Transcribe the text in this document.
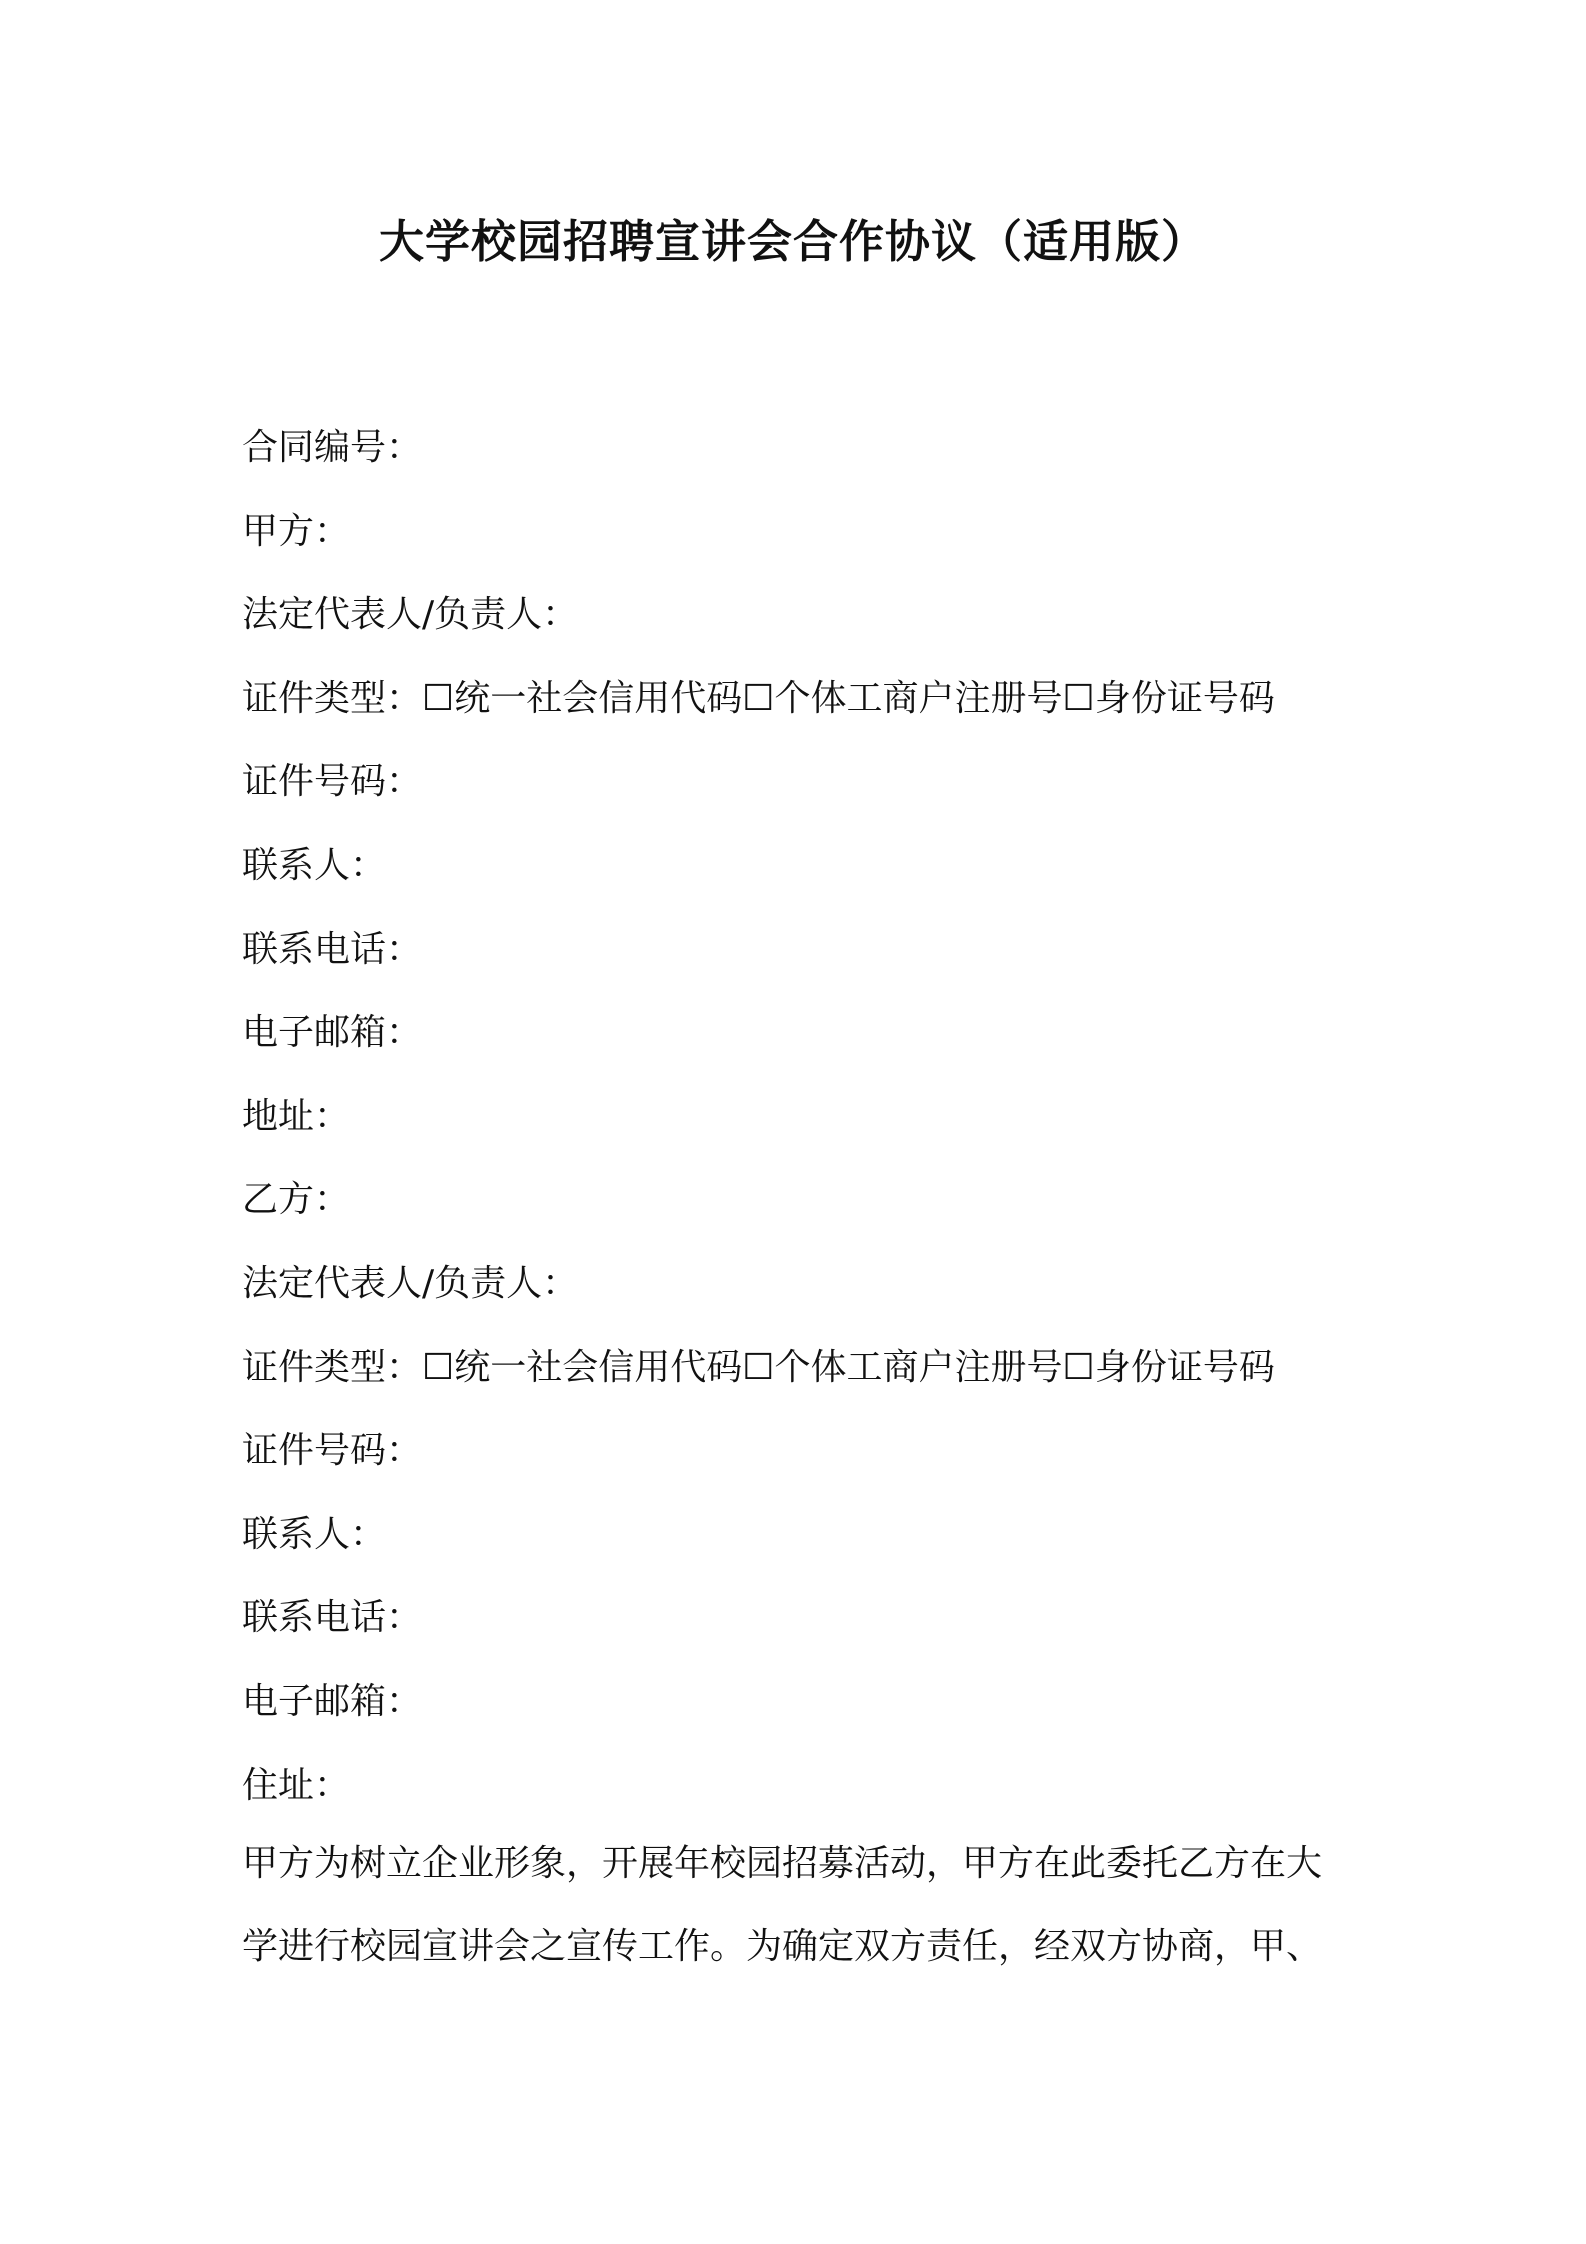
大学校园招聘宣讲会合作协议（适用版）
合同编号：
甲方：
法定代表人/负责人：
证件类型：☐统一社会信用代码☐个体工商户注册号☐身份证号码
证件号码：
联系人：
联系电话：
电子邮箱：
地址：
乙方：
法定代表人/负责人：
证件类型：☐统一社会信用代码☐个体工商户注册号☐身份证号码
证件号码：
联系人：
联系电话：
电子邮箱：
住址：
甲方为树立企业形象，开展年校园招募活动，甲方在此委托乙方在大
学进行校园宣讲会之宣传工作。为确定双方责任，经双方协商，甲、
